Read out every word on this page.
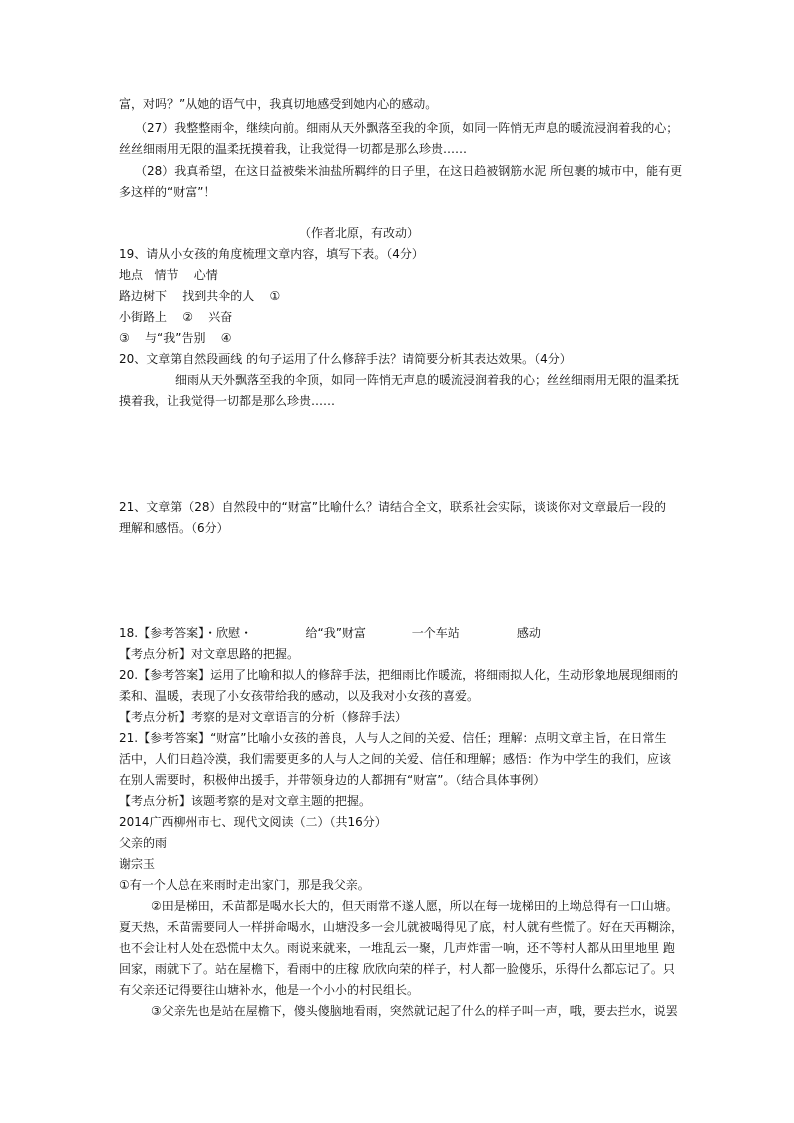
富，对吗？”从她的语气中，我真切地感受到她内心的感动。
（27）我整整雨伞，继续向前。细雨从天外飘落至我的伞顶，如同一阵悄无声息的暖流浸润着我的心；
丝丝细雨用无限的温柔抚摸着我，让我觉得一切都是那么珍贵……
（28）我真希望，在这日益被柴米油盐所羁绊的日子里，在这日趋被钢筋水泥 所包裹的城市中，能有更
多这样的“财富”！
（作者北原，有改动）
19、请从小女孩的角度梳理文章内容，填写下表。（4分）
地点   情节    心情
路边树下    找到共伞的人    ①
小街路上    ②    兴奋
③    与“我”告别    ④
20、文章第自然段画线 的句子运用了什么修辞手法？请简要分析其表达效果。（4分）
细雨从天外飘落至我的伞顶，如同一阵悄无声息的暖流浸润着我的心；丝丝细雨用无限的温柔抚
摸着我，让我觉得一切都是那么珍贵……
21、文章第（28）自然段中的“财富”比喻什么？请结合全文，联系社会实际，谈谈你对文章最后一段的
理解和感悟。（6分）
18.【参考答案】・欣慰・              给“我”财富            一个车站               感动
【考点分析】对文章思路的把握。
20.【参考答案】运用了比喻和拟人的修辞手法，把细雨比作暖流，将细雨拟人化，生动形象地展现细雨的
柔和、温暖，表现了小女孩带给我的感动，以及我对小女孩的喜爱。
【考点分析】考察的是对文章语言的分析（修辞手法）
21.【参考答案】“财富”比喻小女孩的善良，人与人之间的关爱、信任；理解：点明文章主旨，在日常生
活中，人们日趋冷漠，我们需要更多的人与人之间的关爱、信任和理解；感悟：作为中学生的我们，应该
在别人需要时，积极伸出援手，并带领身边的人都拥有“财富”。（结合具体事例）
【考点分析】该题考察的是对文章主题的把握。
2014广西柳州市七、现代文阅读（二）（共16分）
父亲的雨
谢宗玉
①有一个人总在来雨时走出家门，那是我父亲。
②田是梯田，禾苗都是喝水长大的，但天雨常不遂人愿，所以在每一垅梯田的上坳总得有一口山塘。
夏天热，禾苗需要同人一样拼命喝水，山塘没多一会儿就被喝得见了底，村人就有些慌了。好在天再糊涂，
也不会让村人处在恐慌中太久。雨说来就来，一堆乱云一聚，几声炸雷一响，还不等村人都从田里地里 跑
回家，雨就下了。站在屋檐下，看雨中的庄稼 欣欣向荣的样子，村人都一脸傻乐，乐得什么都忘记了。只
有父亲还记得要往山塘补水，他是一个小小的村民组长。
③父亲先也是站在屋檐下，傻头傻脑地看雨，突然就记起了什么的样子叫一声，哦，要去拦水，说罢
